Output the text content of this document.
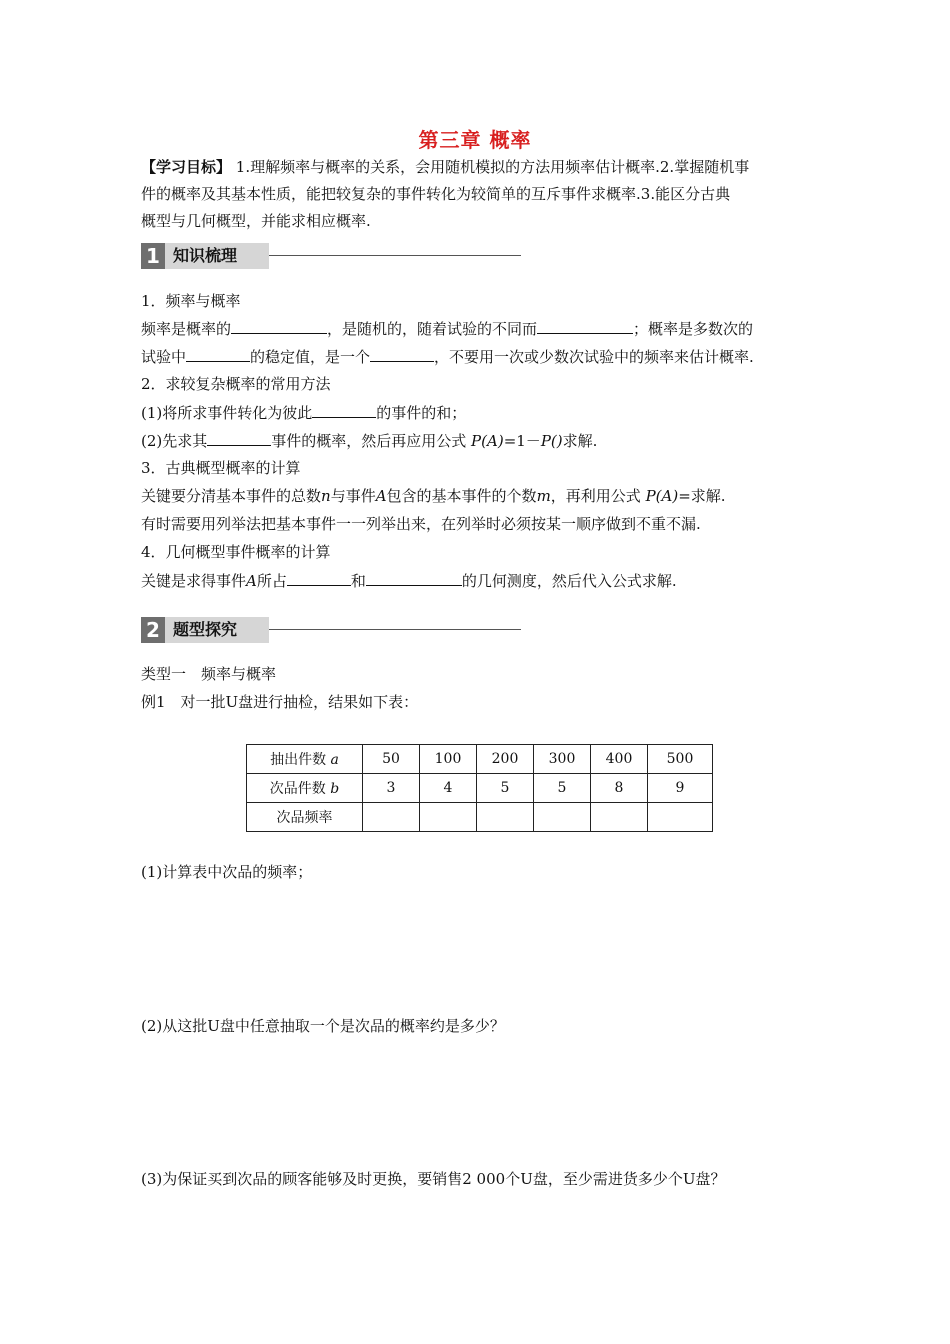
第三章 概率
【学习目标】 1.理解频率与概率的关系，会用随机模拟的方法用频率估计概率.2.掌握随机事
件的概率及其基本性质，能把较复杂的事件转化为较简单的互斥事件求概率.3.能区分古典
概型与几何概型，并能求相应概率.
1 知识梳理
1．频率与概率
频率是概率的	，是随机的，随着试验的不同而	；概率是多数次的
试验中	的稳定值，是一个	，不要用一次或少数次试验中的频率来估计概率.
2．求较复杂概率的常用方法
(1)将所求事件转化为彼此	的事件的和；
(2)先求其	事件的概率，然后再应用公式 P(A)=1－P()求解.
3．古典概型概率的计算
关键要分清基本事件的总数n与事件A包含的基本事件的个数m，再利用公式 P(A)=求解.
有时需要用列举法把基本事件一一列举出来，在列举时必须按某一顺序做到不重不漏.
4．几何概型事件概率的计算
关键是求得事件A所占	和	的几何测度，然后代入公式求解.
2 题型探究
类型一　频率与概率
例1　对一批U盘进行抽检，结果如下表：
抽出件数 a	50	100	200	300	400	500
次品件数 b	3	4	5	5	8	9
次品频率						
(1)计算表中次品的频率；
(2)从这批U盘中任意抽取一个是次品的概率约是多少？
(3)为保证买到次品的顾客能够及时更换，要销售2 000个U盘，至少需进货多少个U盘？
